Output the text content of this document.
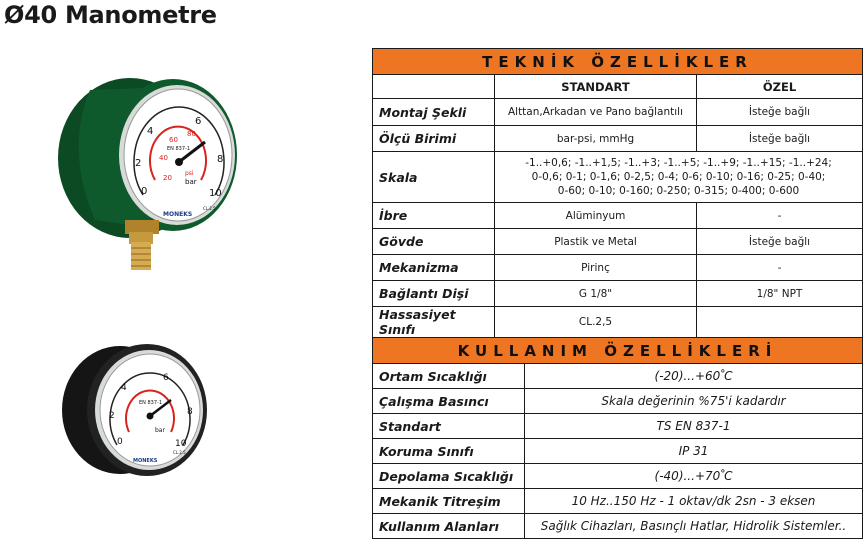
Ø40 Manometre
0
2
4
6
8
10
20
40
60
80
EN 837-1
psi
bar
MONEKS
CL.2.5
0
2
4
6
8
10
EN 837-1
bar
MONEKS
CL.2.5
TEKNİK ÖZELLİKLER		
	STANDART	ÖZEL
Montaj Şekli	Alttan,Arkadan ve Pano bağlantılı	İsteğe bağlı
Ölçü Birimi	bar-psi, mmHg	İsteğe bağlı
Skala	-1..+0,6; -1..+1,5; -1..+3; -1..+5; -1..+9; -1..+15; -1..+24;
0-0,6; 0-1; 0-1,6; 0-2,5; 0-4; 0-6; 0-10; 0-16; 0-25; 0-40;
0-60; 0-10; 0-160; 0-250; 0-315; 0-400; 0-600	

İbre	Alüminyum	-
Gövde	Plastik ve Metal	İsteğe bağlı
Mekanizma	Pirinç	-
Bağlantı Dişi	G 1/8"	1/8" NPT
Hassasiyet Sınıfı	CL.2,5	
KULLANIM ÖZELLİKLERİ		
Ortam Sıcaklığı	(-20)...+60 ̊C
Çalışma Basıncı	Skala değerinin %75'i kadardır
Standart	TS EN 837-1
Koruma Sınıfı	IP 31
Depolama Sıcaklığı	(-40)...+70 ̊C
Mekanik Titreşim	10 Hz..150 Hz - 1 oktav/dk 2sn - 3 eksen
Kullanım Alanları	Sağlık Cihazları, Basınçlı Hatlar, Hidrolik Sistemler..
